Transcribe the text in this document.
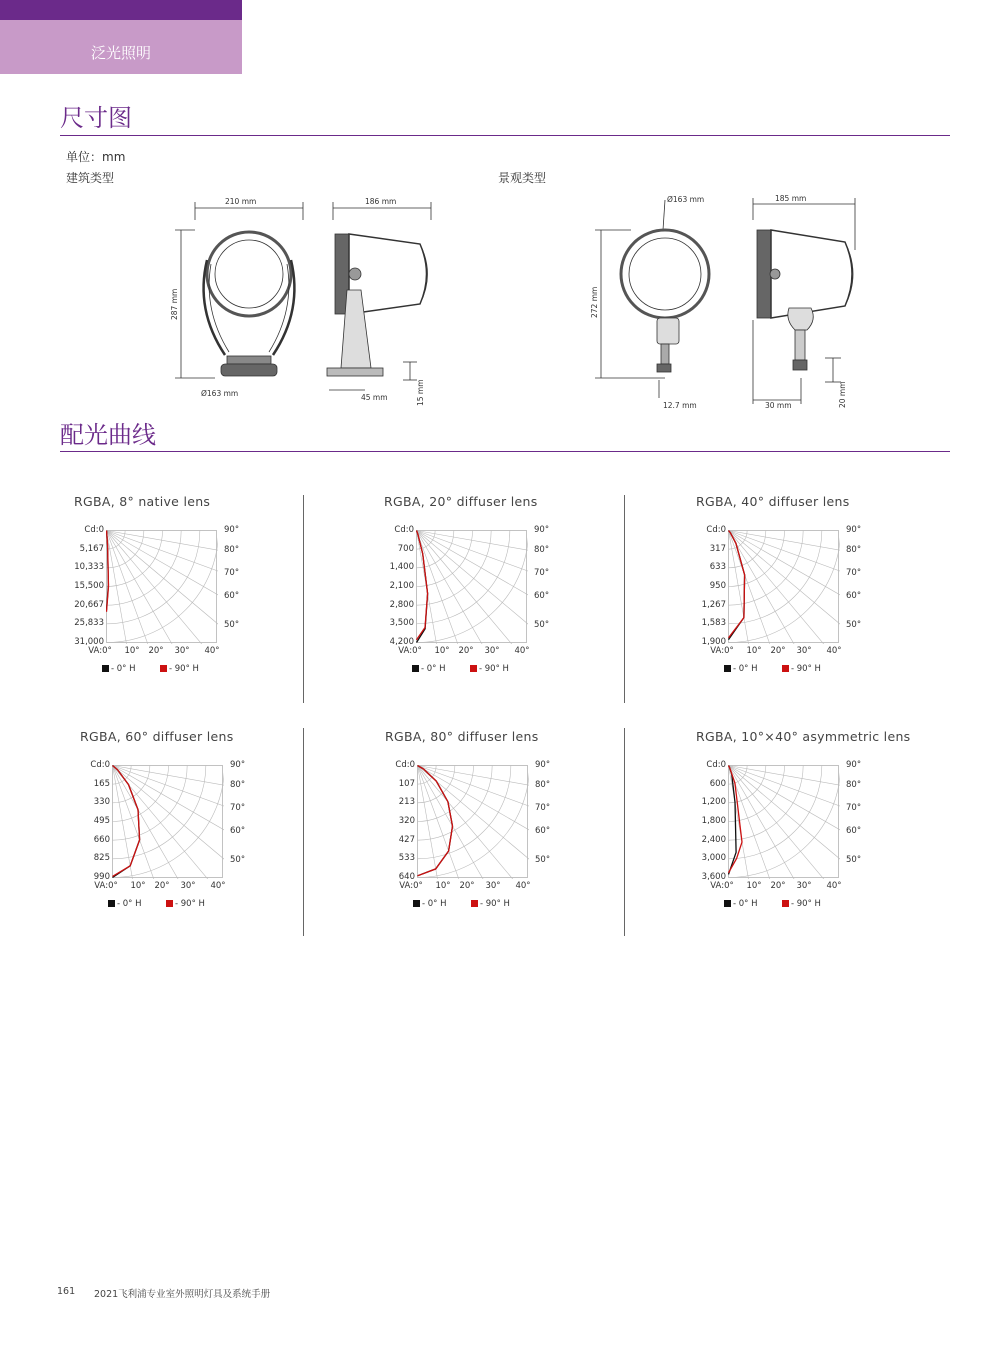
泛光照明
尺寸图
单位：mm
建筑类型	景观类型
210 mm	186 mm
287 mm
Ø163 mm	45 mm	15 mm
Ø163 mm	185 mm
272 mm
12.7 mm	30 mm	20 mm
配光曲线
RGBA, 8° native lens
Cd:0
5,167
10,333
15,500
20,667
25,833
31,000
90°
80°
70°
60°
50°
VA:0° 10° 20° 30° 40°
- 0° H	- 90° H
RGBA, 20° diffuser lens
Cd:0
700
1,400
2,100
2,800
3,500
4,200
90°
80°
70°
60°
50°
VA:0° 10° 20° 30° 40°
- 0° H	- 90° H
RGBA, 40° diffuser lens
Cd:0
317
633
950
1,267
1,583
1,900
90°
80°
70°
60°
50°
VA:0° 10° 20° 30° 40°
- 0° H	- 90° H
RGBA, 60° diffuser lens
Cd:0
165
330
495
660
825
990
90°
80°
70°
60°
50°
VA:0° 10° 20° 30° 40°
- 0° H	- 90° H
RGBA, 80° diffuser lens
Cd:0
107
213
320
427
533
640
90°
80°
70°
60°
50°
VA:0° 10° 20° 30° 40°
- 0° H	- 90° H
RGBA, 10°×40° asymmetric lens
Cd:0
600
1,200
1,800
2,400
3,000
3,600
90°
80°
70°
60°
50°
VA:0° 10° 20° 30° 40°
- 0° H	- 90° H
161 2021飞利浦专业室外照明灯具及系统手册
